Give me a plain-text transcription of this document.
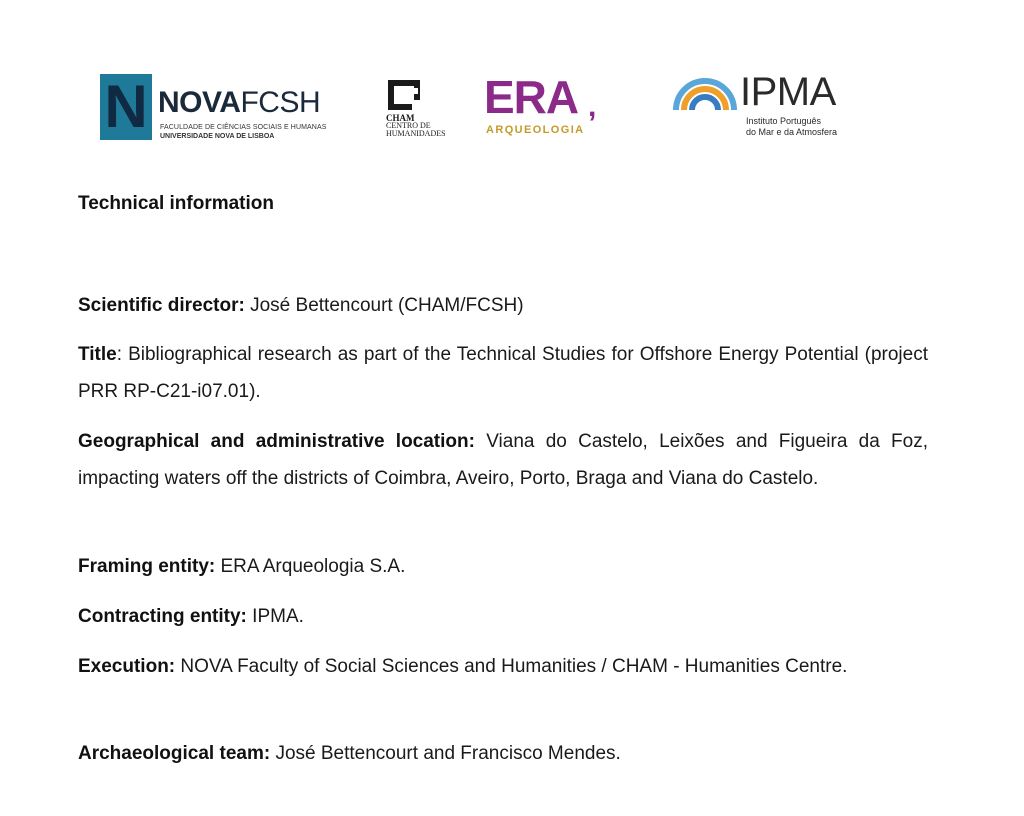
N NOVAFCSH
FACULDADE DE CIÊNCIAS SOCIAIS E HUMANAS
UNIVERSIDADE NOVA DE LISBOA
CHAM
CENTRO DE
HUMANIDADES
ERA ,
ARQUEOLOGIA
IPMA
Instituto Português
do Mar e da Atmosfera
Technical information

Scientific director: José Bettencourt (CHAM/FCSH)

Title: Bibliographical research as part of the Technical Studies for Offshore Energy Potential (project PRR RP-C21-i07.01).

Geographical and administrative location: Viana do Castelo, Leixões and Figueira da Foz, impacting waters off the districts of Coimbra, Aveiro, Porto, Braga and Viana do Castelo.

Framing entity: ERA Arqueologia S.A.

Contracting entity: IPMA.

Execution: NOVA Faculty of Social Sciences and Humanities / CHAM - Humanities Centre.

Archaeological team: José Bettencourt and Francisco Mendes.
